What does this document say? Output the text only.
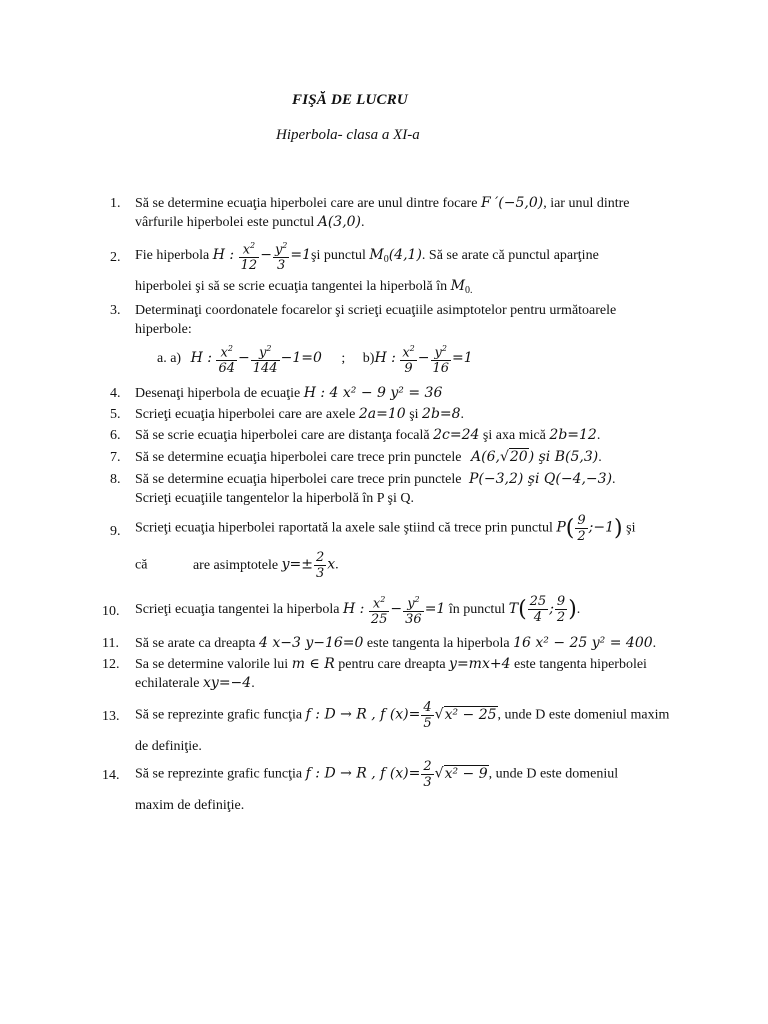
FIŞĂ DE LUCRU
Hiperbola- clasa a XI-a
1.	Să se determine ecuaţia hiperbolei care are unul dintre focare F ′(−5,0), iar unul dintre
vârfurile hiperbolei este punctul A(3,0).
2.	Fie hiperbola H : $\frac{x^2}{12} - \frac{y^2}{3}$ =1şi punctul $M_0(4,1)$. Să se arate că punctul aparţine
hiperbolei şi să se scrie ecuaţia tangentei la hiperbolă în $M_{0.}$
3.	Determinaţi coordonatele focarelor şi scrieţi ecuaţiile asimptotelor pentru următoarele
hiperbole:
a. a) H : $\frac{x^2}{64} - \frac{y^2}{144} -1=0$ ; b)H : $\frac{x^2}{9} - \frac{y^2}{16} =1$
4.	Desenaţi hiperbola de ecuaţie H : 4 x² − 9 y² = 36
5.	Scrieţi ecuaţia hiperbolei care are axele 2a=10 şi 2b=8.
6.	Să se scrie ecuaţia hiperbolei care are distanţa focală 2c=24 şi axa mică 2b=12.
7.	Să se determine ecuaţia hiperbolei care trece prin punctele A(6,√20) şi B(5,3).
8.	Să se determine ecuaţia hiperbolei care trece prin punctele P(−3,2) şi Q(−4,−3).
Scrieţi ecuaţiile tangentelor la hiperbolă în P şi Q.
9.	Scrieţi ecuaţia hiperbolei raportată la axele sale ştiind că trece prin punctul $P( \frac{9}{2}$ ;−1) şi
că	are asimptotele $y=\pm \frac{2}{3} x$.
10.	Scrieţi ecuaţia tangentei la hiperbola H : $\frac{x^2}{25} - \frac{y^2}{36} =1$ în punctul $T( \frac{25}{4}$ ; $\frac{9}{2}$ ).
11.	Să se arate ca dreapta 4 x−3 y−16=0 este tangenta la hiperbola 16 x² − 25 y² = 400.
12.	Sa se determine valorile lui m ∈ R pentru care dreapta y=mx+4 este tangenta hiperbolei
echilaterale xy=−4.
13.	Să se reprezinte grafic funcţia f : D → R , f $(x)= \frac{4}{5} √x^2 - 25$, unde D este domeniul maxim
de definiţie.
14.	Să se reprezinte grafic funcţia f : D → R , f $(x)= \frac{2}{3} √x^2 - 9$, unde D este domeniul
maxim de definiţie.
